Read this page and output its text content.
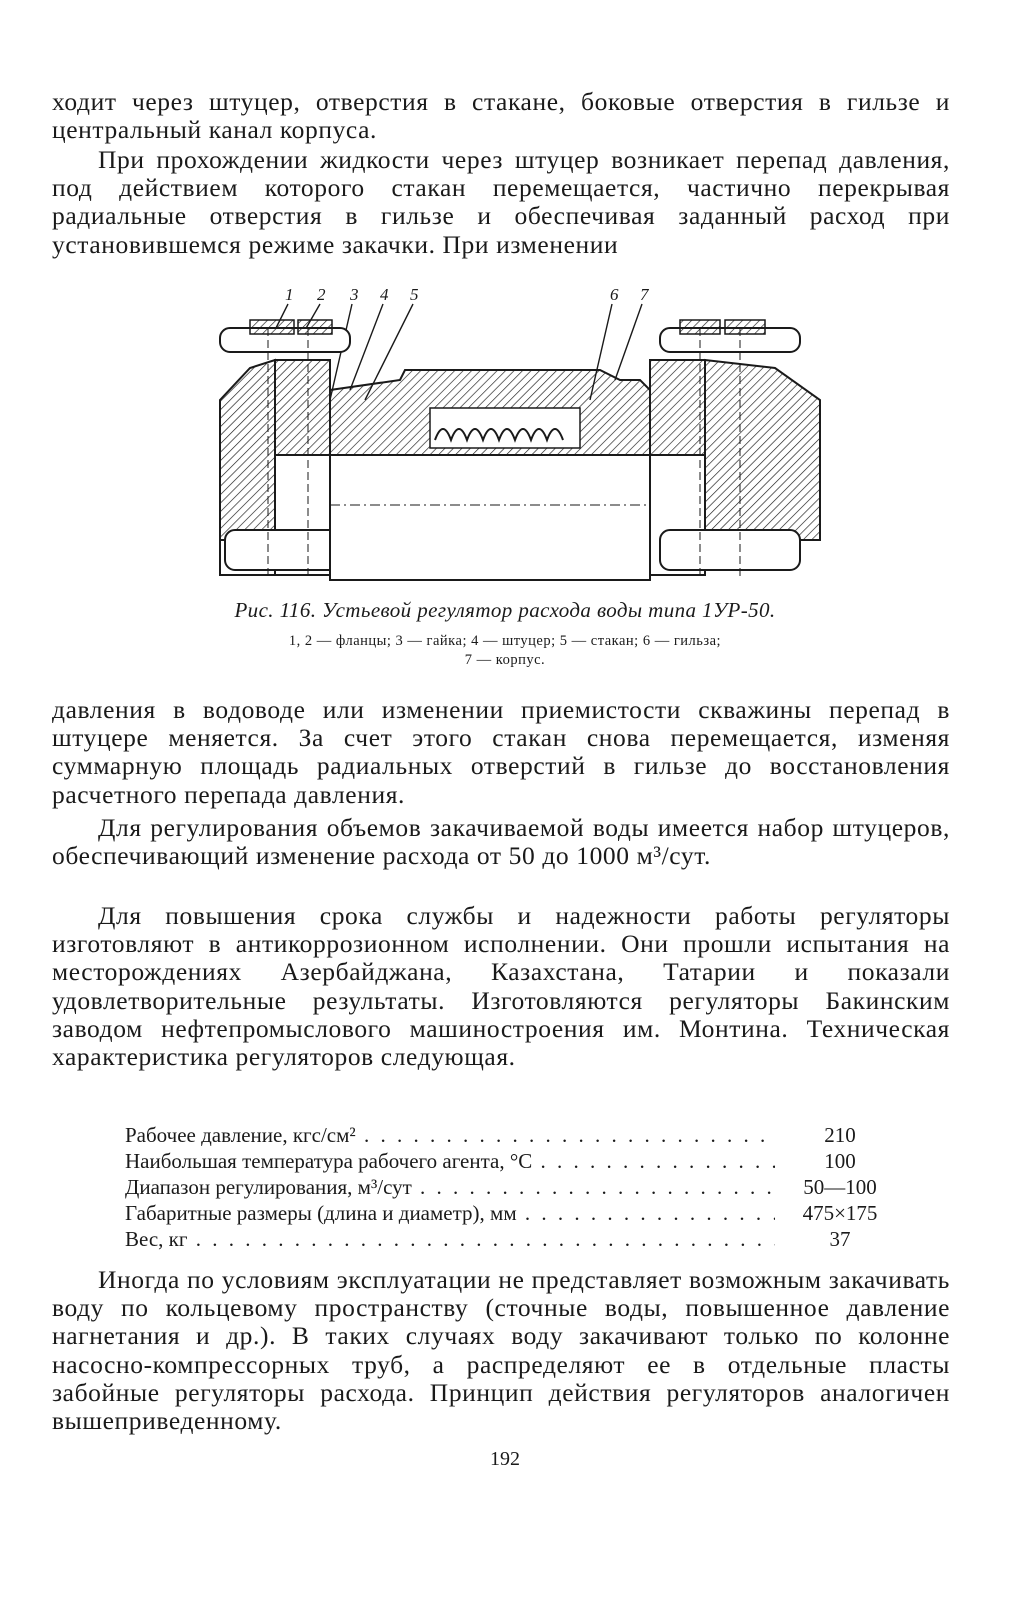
ходит через штуцер, отверстия в стакане, боковые отверстия в гильзе и центральный канал корпуса.

При прохождении жидкости через штуцер возникает перепад давления, под действием которого стакан перемещается, частично перекрывая радиальные отверстия в гильзе и обеспечивая заданный расход при установившемся режиме закачки. При изменении

1 2 3 4 5	6 7

Рис. 116. Устьевой регулятор расхода воды типа 1УР-50.

1, 2 — фланцы; 3 — гайка; 4 — штуцер; 5 — стакан; 6 — гильза;
7 — корпус.

давления в водоводе или изменении приемистости скважины перепад в штуцере меняется. За счет этого стакан снова перемещается, изменяя суммарную площадь радиальных отверстий в гильзе до восстановления расчетного перепада давления.

Для регулирования объемов закачиваемой воды имеется набор штуцеров, обеспечивающий изменение расхода от 50 до 1000 м³/сут.

Для повышения срока службы и надежности работы регуляторы изготовляют в антикоррозионном исполнении. Они прошли испытания на месторождениях Азербайджана, Казахстана, Татарии и показали удовлетворительные результаты. Изготовляются регуляторы Бакинским заводом нефтепромыслового машиностроения им. Монтина. Техническая характеристика регуляторов следующая.

Рабочее давление, кгс/см² . . .	210
Наибольшая температура рабочего агента, °С . . .	100
Диапазон регулирования, м³/сут . . .	50—100
Габаритные размеры (длина и диаметр), мм . . .	475×175
Вес, кг . . .	37

Иногда по условиям эксплуатации не представляет возможным закачивать воду по кольцевому пространству (сточные воды, повышенное давление нагнетания и др.). В таких случаях воду закачивают только по колонне насосно-компрессорных труб, а распределяют ее в отдельные пласты забойные регуляторы расхода. Принцип действия регуляторов аналогичен вышеприведенному.

192
